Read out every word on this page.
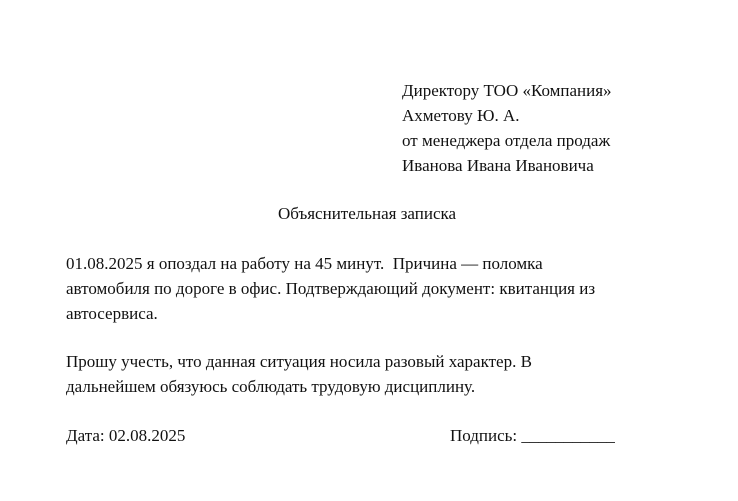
Директору ТОО «Компания»
Ахметову Ю. А.
от менеджера отдела продаж
Иванова Ивана Ивановича
Объяснительная записка
01.08.2025 я опоздал на работу на 45 минут.  Причина — поломка
автомобиля по дороге в офис. Подтверждающий документ: квитанция из
автосервиса.
Прошу учесть, что данная ситуация носила разовый характер. В
дальнейшем обязуюсь соблюдать трудовую дисциплину.
Дата: 02.08.2025	Подпись: ___________
